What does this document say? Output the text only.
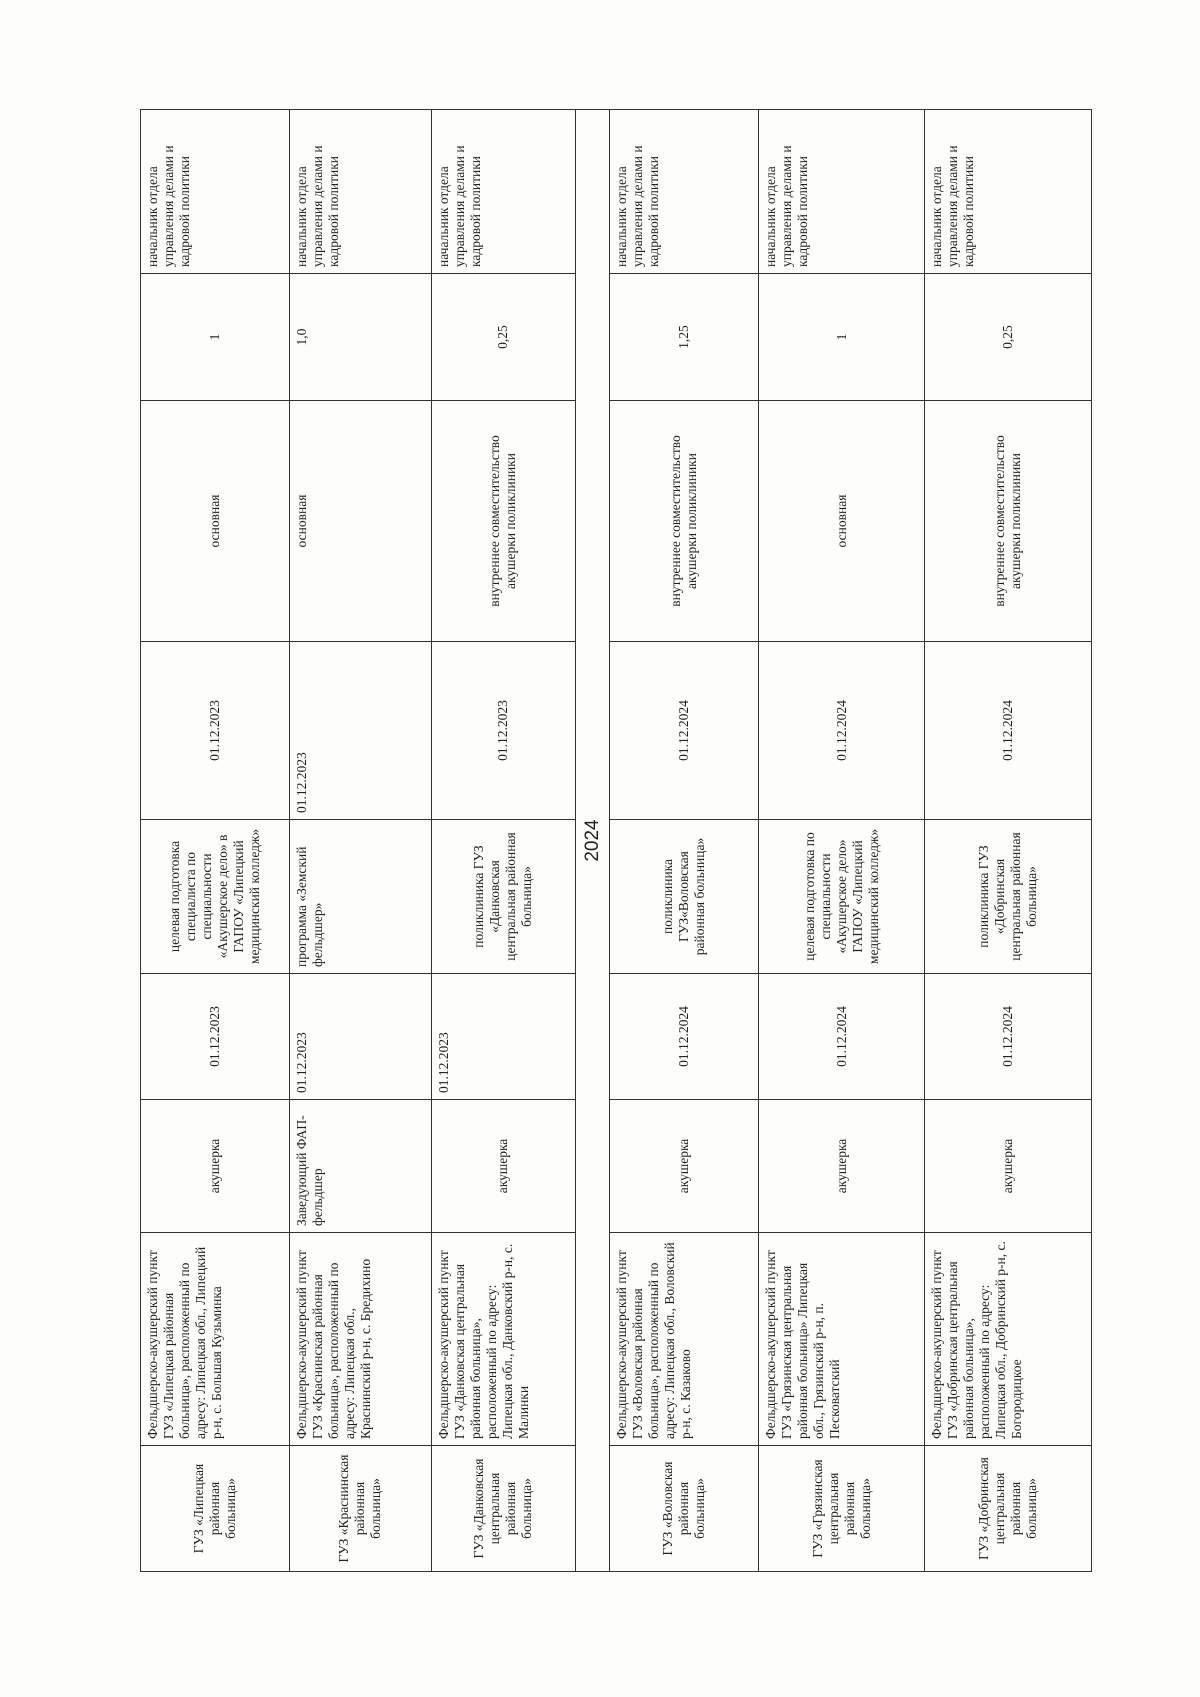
ГУЗ «Липецкая районная больница»	Фельдшерско-акушерский пункт ГУЗ «Липецкая районная больница», расположенный по адресу: Липецкая обл., Липецкий р-н, с. Большая Кузьминка	акушерка	01.12.2023	целевая подготовка специалиста по специальности «Акушерское дело» в ГАПОУ «Липецкий медицинский колледж»	01.12.2023	основная	1	начальник отдела управления делами и кадровой политики
ГУЗ «Краснинская районная больница»	Фельдшерско-акушерский пункт ГУЗ «Краснинская районная больница», расположенный по адресу: Липецкая обл., Краснинский р-н, с. Бредихино	Заведующий ФАП-фельдшер	01.12.2023	программа «Земский фельдшер»	01.12.2023	основная	1,0	начальник отдела управления делами и кадровой политики
ГУЗ «Данковская центральная районная больница»	Фельдшерско-акушерский пункт ГУЗ «Данковская центральная районная больница», расположенный по адресу: Липецкая обл., Данковский р-н, с. Малинки	акушерка	01.12.2023	поликлиника ГУЗ «Данковская центральная районная больница»	01.12.2023	внутреннее совместительство акушерки поликлиники	0,25	начальник отдела управления делами и кадровой политики
2024								
ГУЗ «Воловская районная больница»	Фельдшерско-акушерский пункт ГУЗ «Воловская районная больница», расположенный по адресу: Липецкая обл., Воловский р-н, с. Казаково	акушерка	01.12.2024	поликлиника ГУЗ«Воловская районная больница»	01.12.2024	внутреннее совместительство акушерки поликлиники	1,25	начальник отдела управления делами и кадровой политики
ГУЗ «Грязинская центральная районная больница»	Фельдшерско-акушерский пункт ГУЗ «Грязинская центральная районная больница» Липецкая обл., Грязинский р-н, п. Песковатский	акушерка	01.12.2024	целевая подготовка по специальности «Акушерское дело» ГАПОУ «Липецкий медицинский колледж»	01.12.2024	основная	1	начальник отдела управления делами и кадровой политики
ГУЗ «Добринская центральная районная больница»	Фельдшерско-акушерский пункт ГУЗ «Добринская центральная районная больница», расположенный по адресу: Липецкая обл., Добринский р-н, с. Богородицкое	акушерка	01.12.2024	поликлиника ГУЗ «Добринская центральная районная больница»	01.12.2024	внутреннее совместительство акушерки поликлиники	0,25	начальник отдела управления делами и кадровой политики
